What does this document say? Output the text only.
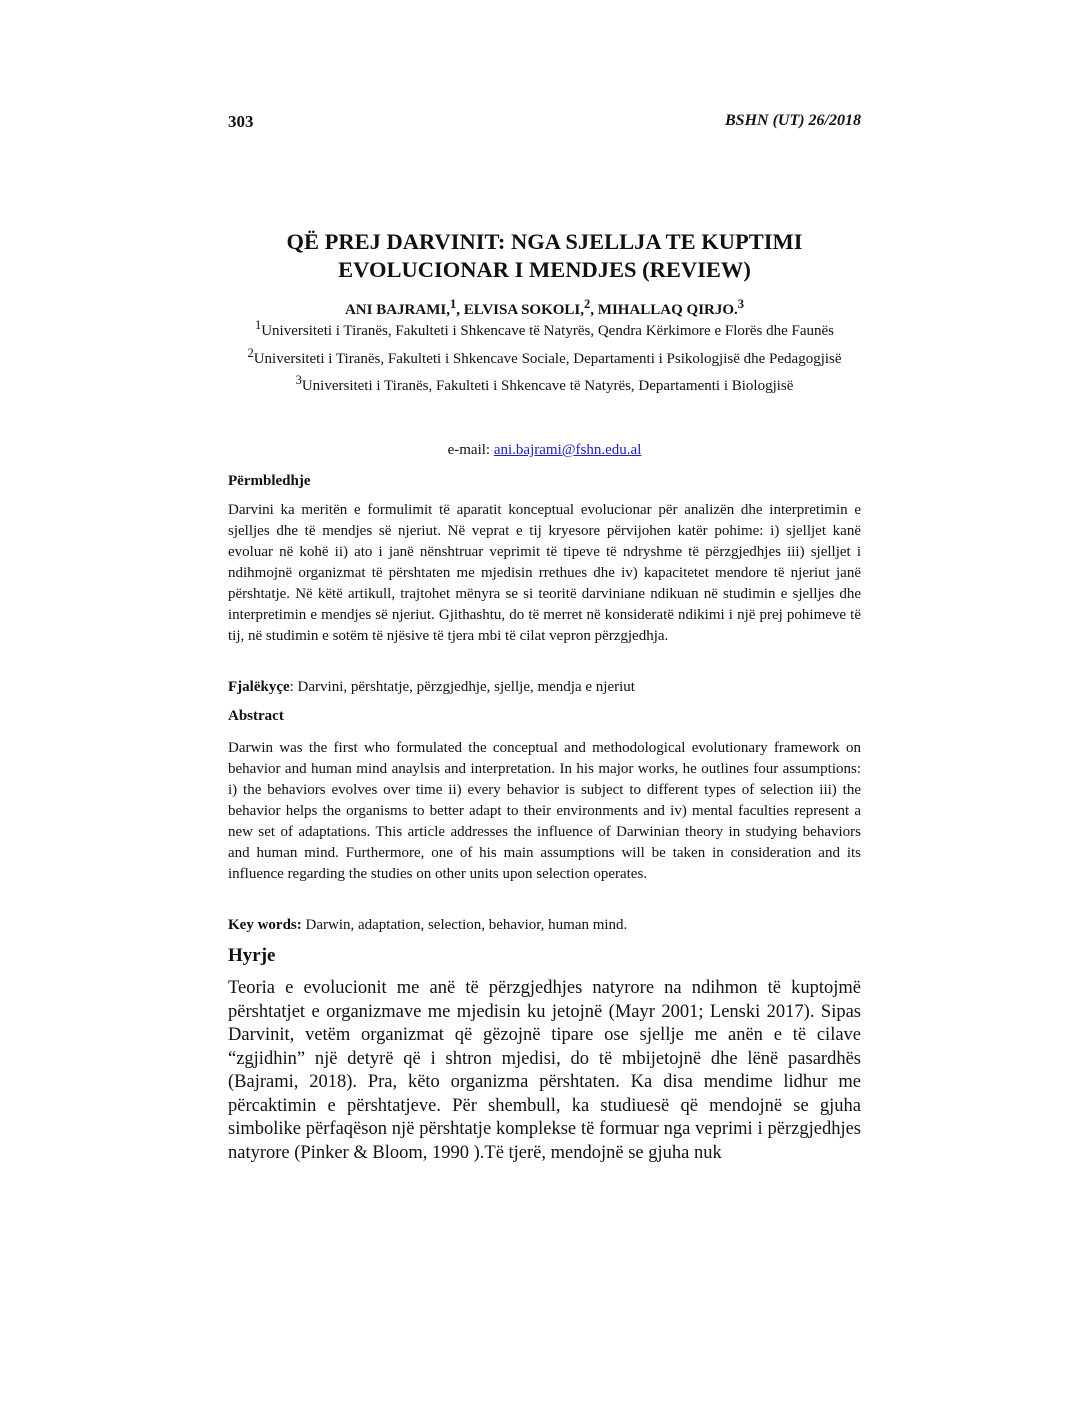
303	BSHN (UT) 26/2018
QË PREJ DARVINIT: NGA SJELLJA TE KUPTIMI
EVOLUCIONAR I MENDJES (REVIEW)
ANI BAJRAMI,$^1$, ELVISA SOKOLI,$^2$, MIHALLAQ QIRJO.$^3$

$^1$Universiteti i Tiranës, Fakulteti i Shkencave të Natyrës, Qendra Kërkimore e Florës dhe Faunës

$^2$Universiteti i Tiranës, Fakulteti i Shkencave Sociale, Departamenti i Psikologjisë dhe Pedagogjisë

$^3$Universiteti i Tiranës, Fakulteti i Shkencave të Natyrës, Departamenti i Biologjisë

e-mail: ani.bajrami@fshn.edu.al
Përmbledhje

Darvini ka meritën e formulimit të aparatit konceptual evolucionar për analizën dhe interpretimin e sjelljes dhe të mendjes së njeriut. Në veprat e tij kryesore përvijohen katër pohime: i) sjelljet kanë evoluar në kohë ii) ato i janë nënshtruar veprimit të tipeve të ndryshme të përzgjedhjes iii) sjelljet i ndihmojnë organizmat të përshtaten me mjedisin rrethues dhe iv) kapacitetet mendore të njeriut janë përshtatje. Në këtë artikull, trajtohet mënyra se si teoritë darviniane ndikuan në studimin e sjelljes dhe interpretimin e mendjes së njeriut. Gjithashtu, do të merret në konsideratë ndikimi i një prej pohimeve të tij, në studimin e sotëm të njësive të tjera mbi të cilat vepron përzgjedhja.

Fjalëkyçe: Darvini, përshtatje, përzgjedhje, sjellje, mendja e njeriut

Abstract

Darwin was the first who formulated the conceptual and methodological evolutionary framework on behavior and human mind anaylsis and interpretation. In his major works, he outlines four assumptions: i) the behaviors evolves over time ii) every behavior is subject to different types of selection iii) the behavior helps the organisms to better adapt to their environments and iv) mental faculties represent a new set of adaptations. This article addresses the influence of Darwinian theory in studying behaviors and human mind. Furthermore, one of his main assumptions will be taken in consideration and its influence regarding the studies on other units upon selection operates.

Key words: Darwin, adaptation, selection, behavior, human mind.

Hyrje

Teoria e evolucionit me anë të përzgjedhjes natyrore na ndihmon të kuptojmë përshtatjet e organizmave me mjedisin ku jetojnë (Mayr 2001; Lenski 2017). Sipas Darvinit, vetëm organizmat që gëzojnë tipare ose sjellje me anën e të cilave “zgjidhin” një detyrë që i shtron mjedisi, do të mbijetojnë dhe lënë pasardhës (Bajrami, 2018). Pra, këto organizma përshtaten. Ka disa mendime lidhur me përcaktimin e përshtatjeve. Për shembull, ka studiuesë që mendojnë se gjuha simbolike përfaqëson një përshtatje komplekse të formuar nga veprimi i përzgjedhjes natyrore (Pinker & Bloom, 1990 ).Të tjerë, mendojnë se gjuha nuk
